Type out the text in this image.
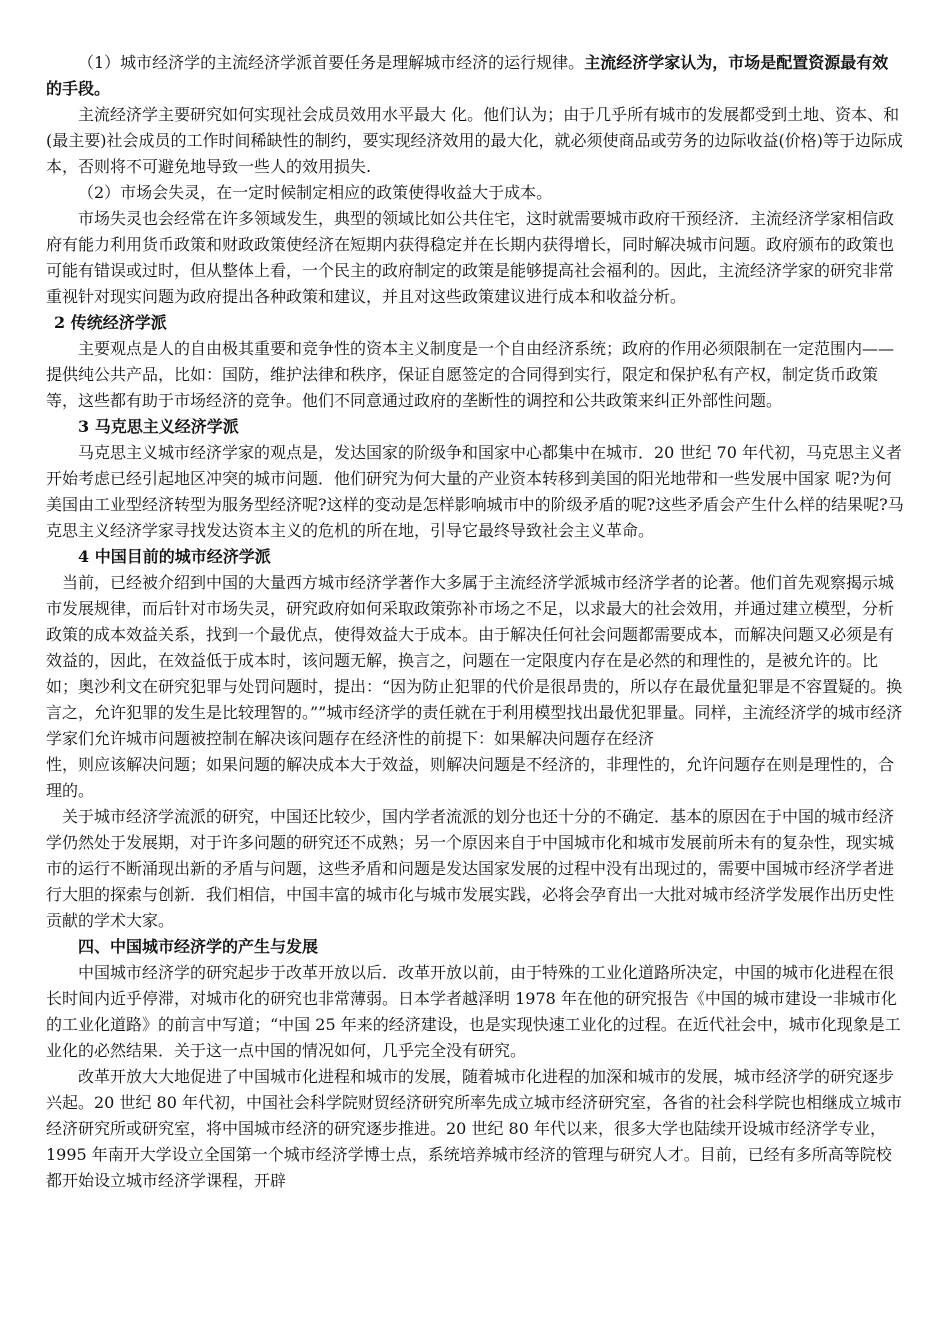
（1）城市经济学的主流经济学派首要任务是理解城市经济的运行规律。主流经济学家认为，市场是配置资源最有效的手段。

主流经济学主要研究如何实现社会成员效用水平最大 化。他们认为；由于几乎所有城市的发展都受到土地、资本、和(最主要)社会成员的工作时间稀缺性的制约，要实现经济效用的最大化，就必须使商品或劳务的边际收益(价格)等于边际成本，否则将不可避免地导致一些人的效用损失.

（2）市场会失灵，在一定时候制定相应的政策使得收益大于成本。

市场失灵也会经常在许多领域发生，典型的领域比如公共住宅，这时就需要城市政府干预经济．主流经济学家相信政府有能力利用货币政策和财政政策使经济在短期内获得稳定并在长期内获得增长，同时解决城市问题。政府颁布的政策也可能有错误或过时，但从整体上看，一个民主的政府制定的政策是能够提高社会福利的。因此，主流经济学家的研究非常重视针对现实问题为政府提出各种政策和建议，并且对这些政策建议进行成本和收益分析。

2 传统经济学派

主要观点是人的自由极其重要和竞争性的资本主义制度是一个自由经济系统；政府的作用必须限制在一定范围内——提供纯公共产品，比如：国防，维护法律和秩序，保证自愿签定的合同得到实行，限定和保护私有产权，制定货币政策等，这些都有助于市场经济的竞争。他们不同意通过政府的垄断性的调控和公共政策来纠正外部性问题。

3 马克思主义经济学派

马克思主义城市经济学家的观点是，发达国家的阶级争和国家中心都集中在城市．20 世纪 70 年代初，马克思主义者开始考虑已经引起地区冲突的城市问题．他们研究为何大量的产业资本转移到美国的阳光地带和一些发展中国家 呢?为何美国由工业型经济转型为服务型经济呢?这样的变动是怎样影响城市中的阶级矛盾的呢?这些矛盾会产生什么样的结果呢?马克思主义经济学家寻找发达资本主义的危机的所在地，引导它最终导致社会主义革命。

4 中国目前的城市经济学派

当前，已经被介绍到中国的大量西方城市经济学著作大多属于主流经济学派城市经济学者的论著。他们首先观察揭示城市发展规律，而后针对市场失灵，研究政府如何采取政策弥补市场之不足，以求最大的社会效用，并通过建立模型，分析政策的成本效益关系，找到一个最优点，使得效益大于成本。由于解决任何社会问题都需要成本，而解决问题又必须是有效益的，因此，在效益低于成本时，该问题无解，换言之，问题在一定限度内存在是必然的和理性的，是被允许的。比如；奥沙利文在研究犯罪与处罚问题时，提出：“因为防止犯罪的代价是很昂贵的，所以存在最优量犯罪是不容置疑的。换言之，允许犯罪的发生是比较理智的。””城市经济学的责任就在于利用模型找出最优犯罪量。同样，主流经济学的城市经济学家们允许城市问题被控制在解决该问题存在经济性的前提下：如果解决问题存在经济

性，则应该解决问题；如果问题的解决成本大于效益，则解决问题是不经济的，非理性的，允许问题存在则是理性的，合理的。

关于城市经济学流派的研究，中国还比较少，国内学者流派的划分也还十分的不确定．基本的原因在于中国的城市经济学仍然处于发展期，对于许多问题的研究还不成熟；另一个原因来自于中国城市化和城市发展前所未有的复杂性，现实城市的运行不断涌现出新的矛盾与问题，这些矛盾和问题是发达国家发展的过程中没有出现过的，需要中国城市经济学者进行大胆的探索与创新．我们相信，中国丰富的城市化与城市发展实践，必将会孕育出一大批对城市经济学发展作出历史性贡献的学术大家。

四、中国城市经济学的产生与发展

中国城市经济学的研究起步于改革开放以后．改革开放以前，由于特殊的工业化道路所决定，中国的城市化进程在很长时间内近乎停滞，对城市化的研究也非常薄弱。日本学者越泽明 1978 年在他的研究报告《中国的城市建设一非城市化的工业化道路》的前言中写道；“中国 25 年来的经济建设，也是实现快速工业化的过程。在近代社会中，城市化现象是工业化的必然结果．关于这一点中国的情况如何，几乎完全没有研究。

改革开放大大地促进了中国城市化进程和城市的发展，随着城市化进程的加深和城市的发展，城市经济学的研究逐步兴起。20 世纪 80 年代初，中国社会科学院财贸经济研究所率先成立城市经济研究室，各省的社会科学院也相继成立城市经济研究所或研究室，将中国城市经济的研究逐步推进。20 世纪 80 年代以来，很多大学也陆续开设城市经济学专业，1995 年南开大学设立全国第一个城市经济学博士点，系统培养城市经济的管理与研究人才。目前，已经有多所高等院校都开始设立城市经济学课程，开辟
